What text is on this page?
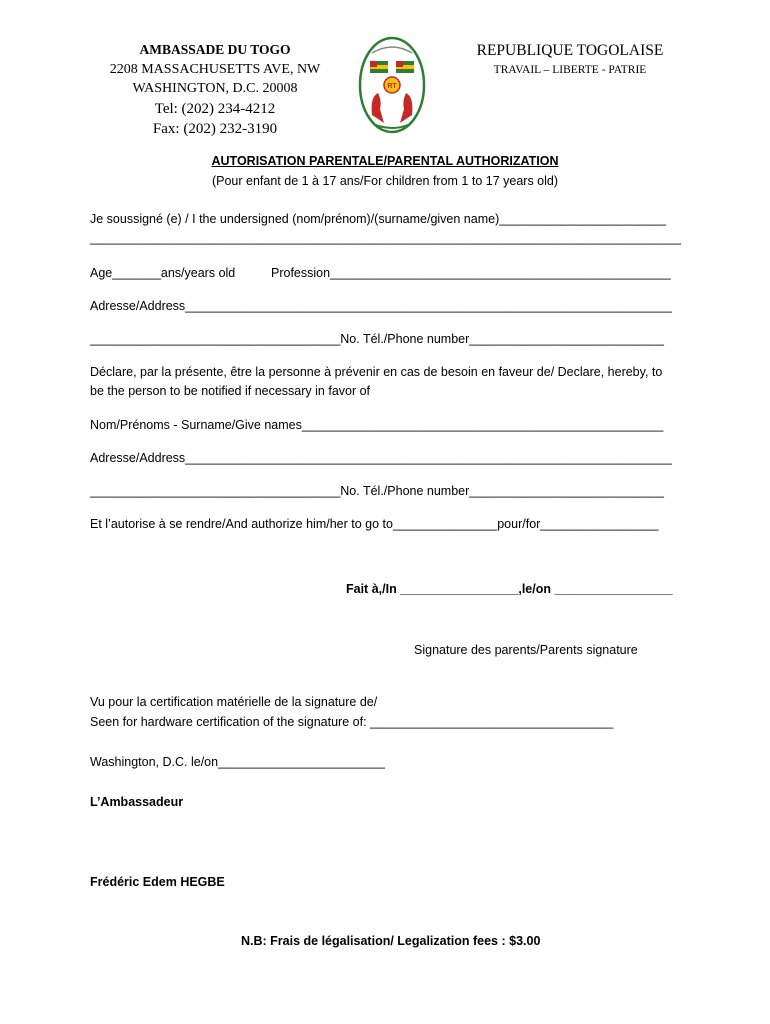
AMBASSADE DU TOGO
2208 MASSACHUSETTS AVE, NW
WASHINGTON, D.C. 20008
Tel: (202) 234-4212
Fax: (202) 232-3190
RT
REPUBLIQUE TOGOLAISE
TRAVAIL – LIBERTE - PATRIE
AUTORISATION PARENTALE/PARENTAL AUTHORIZATION
(Pour enfant de 1 à 17 ans/For children from 1 to 17 years old)
Je soussigné (e) / I the undersigned (nom/prénom)/(surname/given name)________________________
_____________________________________________________________________________________
Age_______ans/years old	Profession_________________________________________________
Adresse/Address______________________________________________________________________
____________________________________No. Tél./Phone number____________________________
Déclare, par la présente, être la personne à prévenir en cas de besoin en faveur de/ Declare, hereby, to
be the person to be notified if necessary in favor of
Nom/Prénoms - Surname/Give names____________________________________________________
Adresse/Address______________________________________________________________________
____________________________________No. Tél./Phone number____________________________
Et l’autorise à se rendre/And authorize him/her to go to_______________pour/for_________________
Fait à,/In _________________,le/on _________________
Signature des parents/Parents signature
Vu pour la certification matérielle de la signature de/
Seen for hardware certification of the signature of: ___________________________________
Washington, D.C. le/on________________________
L’Ambassadeur
Frédéric Edem HEGBE
N.B: Frais de légalisation/ Legalization fees : $3.00
